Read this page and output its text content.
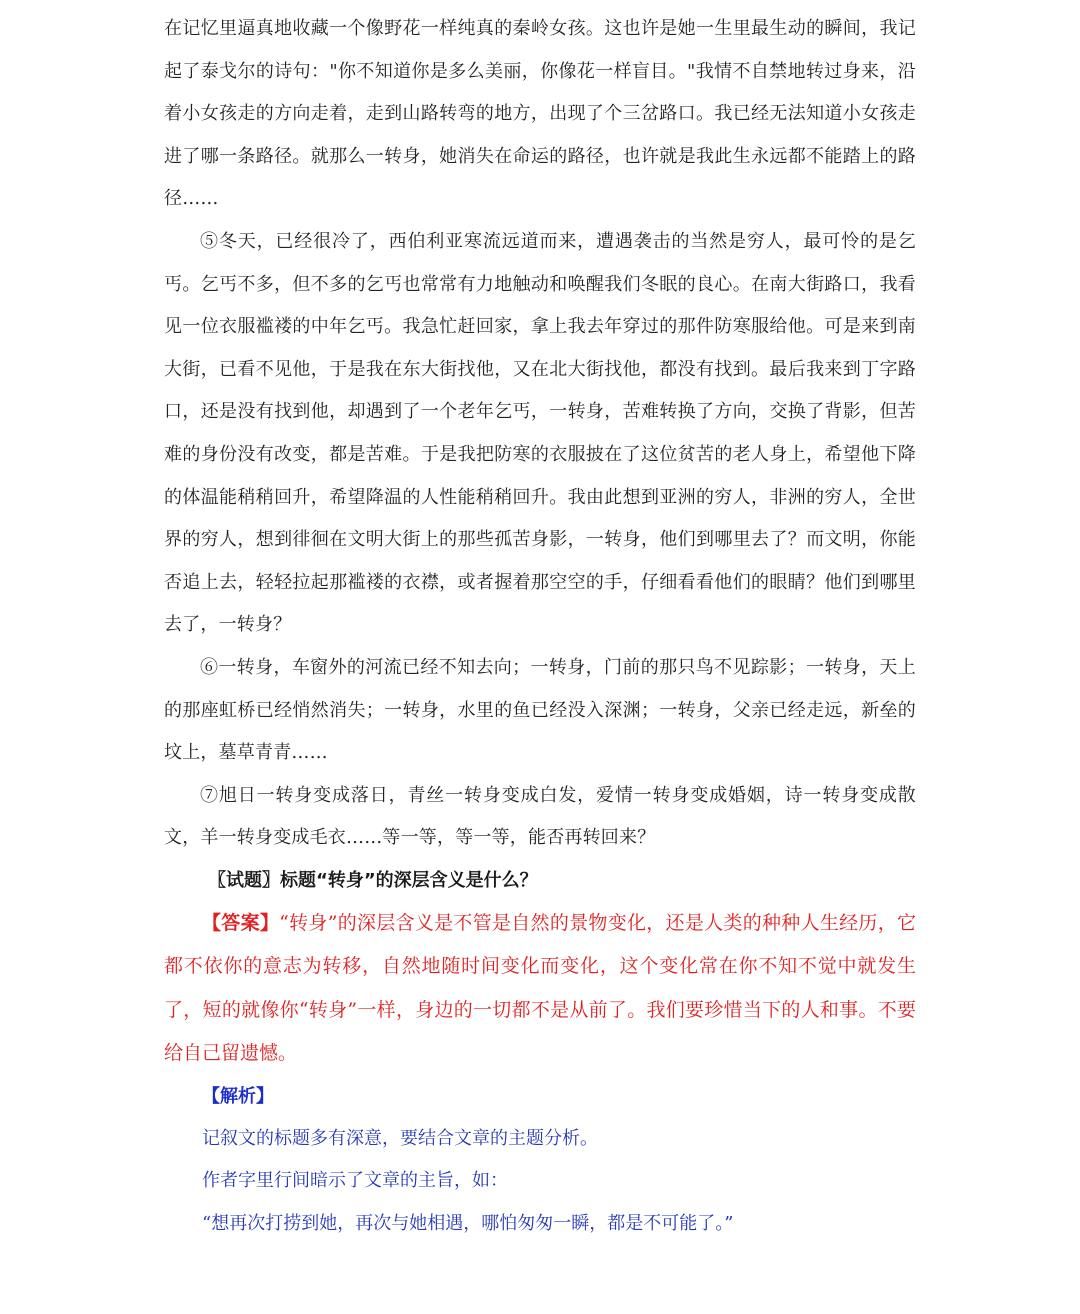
在记忆里逼真地收藏一个像野花一样纯真的秦岭女孩。这也许是她一生里最生动的瞬间，我记起了泰戈尔的诗句："你不知道你是多么美丽，你像花一样盲目。"我情不自禁地转过身来，沿着小女孩走的方向走着，走到山路转弯的地方，出现了个三岔路口。我已经无法知道小女孩走进了哪一条路径。就那么一转身，她消失在命运的路径，也许就是我此生永远都不能踏上的路径……

⑤冬天，已经很冷了，西伯利亚寒流远道而来，遭遇袭击的当然是穷人，最可怜的是乞丐。乞丐不多，但不多的乞丐也常常有力地触动和唤醒我们冬眠的良心。在南大街路口，我看见一位衣服褴褛的中年乞丐。我急忙赶回家，拿上我去年穿过的那件防寒服给他。可是来到南大街，已看不见他，于是我在东大街找他，又在北大街找他，都没有找到。最后我来到丁字路口，还是没有找到他，却遇到了一个老年乞丐，一转身，苦难转换了方向，交换了背影，但苦难的身份没有改变，都是苦难。于是我把防寒的衣服披在了这位贫苦的老人身上，希望他下降的体温能稍稍回升，希望降温的人性能稍稍回升。我由此想到亚洲的穷人，非洲的穷人，全世界的穷人，想到徘徊在文明大街上的那些孤苦身影，一转身，他们到哪里去了？而文明，你能否追上去，轻轻拉起那褴褛的衣襟，或者握着那空空的手，仔细看看他们的眼睛？他们到哪里去了，一转身？

⑥一转身，车窗外的河流已经不知去向；一转身，门前的那只鸟不见踪影；一转身，天上的那座虹桥已经悄然消失；一转身，水里的鱼已经没入深渊；一转身，父亲已经走远，新垒的坟上，墓草青青……

⑦旭日一转身变成落日，青丝一转身变成白发，爱情一转身变成婚姻，诗一转身变成散文，羊一转身变成毛衣……等一等，等一等，能否再转回来？

〖试题〗标题“转身”的深层含义是什么？

【答案】“转身”的深层含义是不管是自然的景物变化，还是人类的种种人生经历，它都不依你的意志为转移，自然地随时间变化而变化，这个变化常在你不知不觉中就发生了，短的就像你“转身”一样，身边的一切都不是从前了。我们要珍惜当下的人和事。不要给自己留遗憾。

【解析】

记叙文的标题多有深意，要结合文章的主题分析。

作者字里行间暗示了文章的主旨，如：

“想再次打捞到她，再次与她相遇，哪怕匆匆一瞬，都是不可能了。”
